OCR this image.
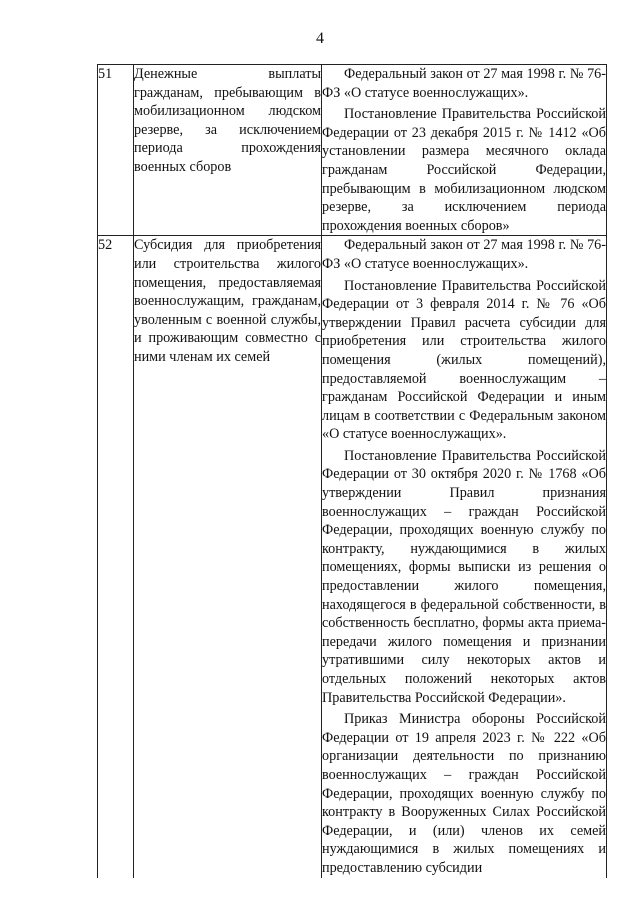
4
51	Денежные выплаты гражданам, пребывающим в мобилизационном людском резерве, за исключением периода прохождения военных сборов	Федеральный закон от 27 мая 1998 г. № 76-ФЗ «О статусе военнослужащих».

Постановление Правительства Российской Федерации от 23 декабря 2015 г. № 1412 «Об установлении размера месячного оклада гражданам Российской Федерации, пребывающим в мобилизационном людском резерве, за исключением периода прохождения военных сборов»

52	Субсидия для приобретения или строительства жилого помещения, предоставляемая военнослужащим, гражданам, уволенным с военной службы, и проживающим совместно с ними членам их семей	Федеральный закон от 27 мая 1998 г. № 76-ФЗ «О статусе военнослужащих».

Постановление Правительства Российской Федерации от 3 февраля 2014 г. № 76 «Об утверждении Правил расчета субсидии для приобретения или строительства жилого помещения (жилых помещений), предоставляемой военнослужащим – гражданам Российской Федерации и иным лицам в соответствии с Федеральным законом «О статусе военнослужащих».

Постановление Правительства Российской Федерации от 30 октября 2020 г. № 1768 «Об утверждении Правил признания военнослужащих – граждан Российской Федерации, проходящих военную службу по контракту, нуждающимися в жилых помещениях, формы выписки из решения о предоставлении жилого помещения, находящегося в федеральной собственности, в собственность бесплатно, формы акта приема-передачи жилого помещения и признании утратившими силу некоторых актов и отдельных положений некоторых актов Правительства Российской Федерации».

Приказ Министра обороны Российской Федерации от 19 апреля 2023 г. № 222 «Об организации деятельности по признанию военнослужащих – граждан Российской Федерации, проходящих военную службу по контракту в Вооруженных Силах Российской Федерации, и (или) членов их семей нуждающимися в жилых помещениях и предоставлению субсидии
